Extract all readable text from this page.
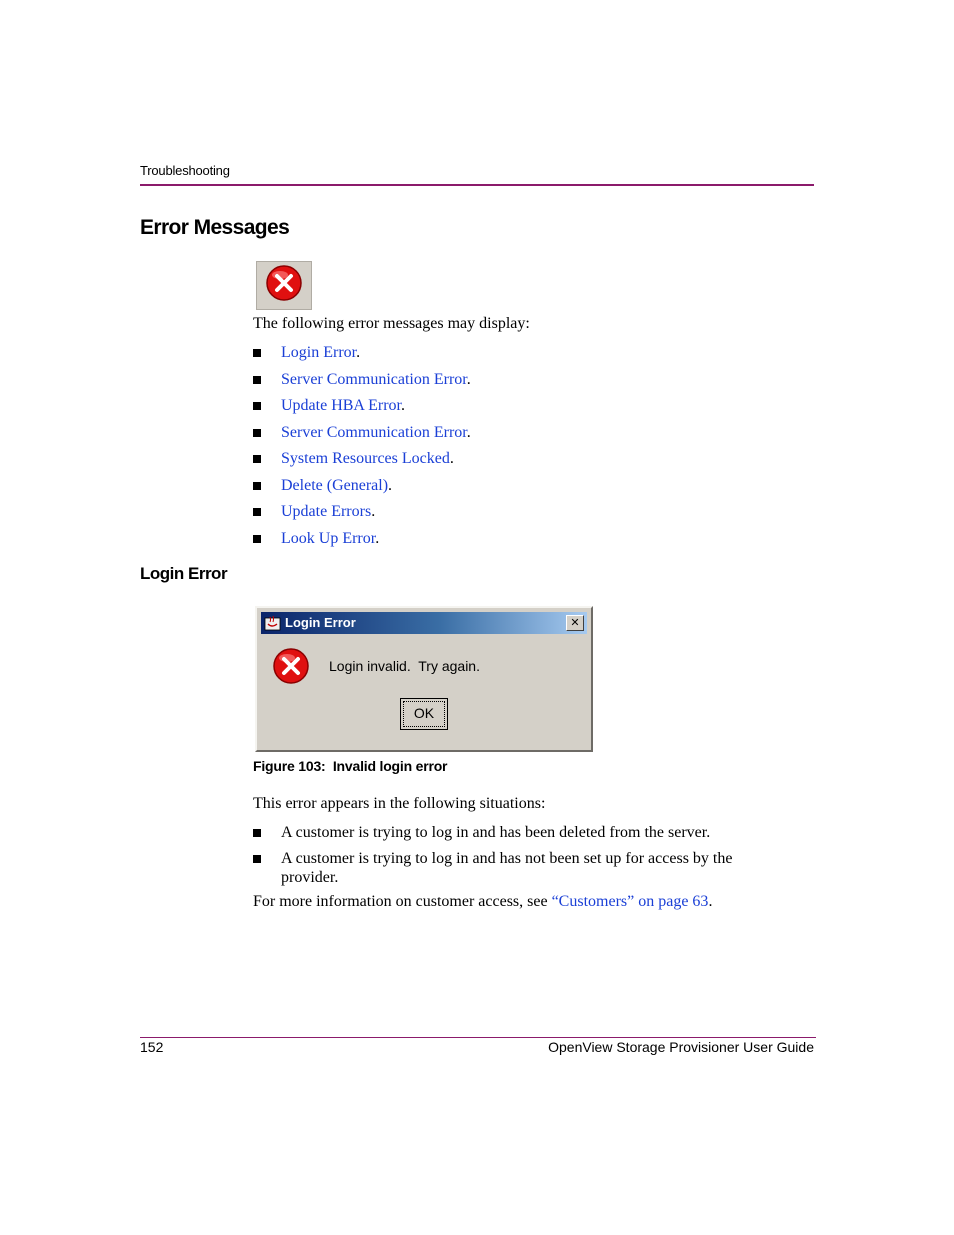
Troubleshooting
Error Messages
The following error messages may display:
Login Error.
Server Communication Error.
Update HBA Error.
Server Communication Error.
System Resources Locked.
Delete (General).
Update Errors.
Look Up Error.
Login Error
Login Error	✕
Login invalid.  Try again.
OK
Figure 103:  Invalid login error
This error appears in the following situations:
A customer is trying to log in and has been deleted from the server.
A customer is trying to log in and has not been set up for access by the provider.
For more information on customer access, see “Customers” on page 63.
152	OpenView Storage Provisioner User Guide
